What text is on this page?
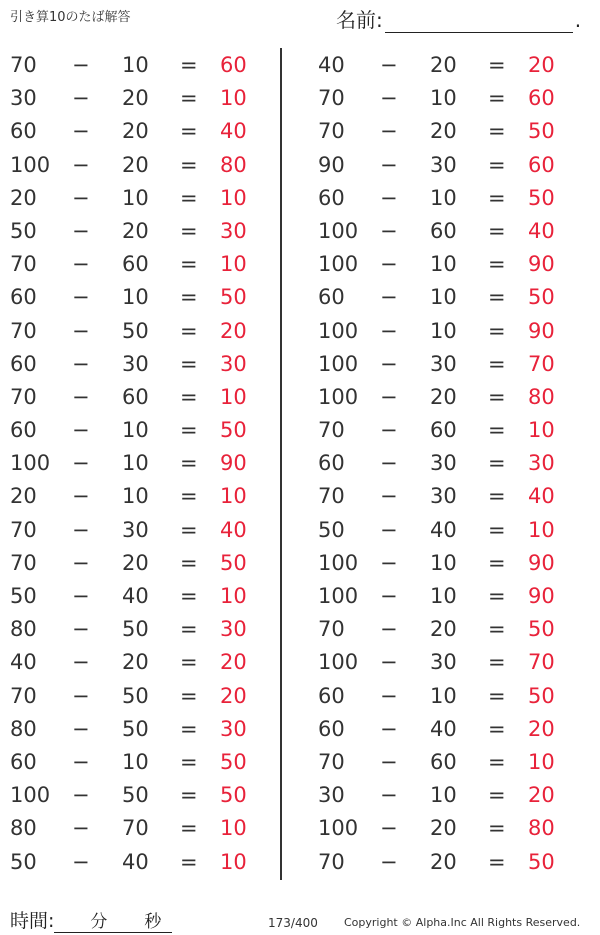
引き算10のたば解答	名前:	.
70 − 10 = 60
30 − 20 = 10
60 − 20 = 40
100 − 20 = 80
20 − 10 = 10
50 − 20 = 30
70 − 60 = 10
60 − 10 = 50
70 − 50 = 20
60 − 30 = 30
70 − 60 = 10
60 − 10 = 50
100 − 10 = 90
20 − 10 = 10
70 − 30 = 40
70 − 20 = 50
50 − 40 = 10
80 − 50 = 30
40 − 20 = 20
70 − 50 = 20
80 − 50 = 30
60 − 10 = 50
100 − 50 = 50
80 − 70 = 10
50 − 40 = 10
40 − 20 = 20
70 − 10 = 60
70 − 20 = 50
90 − 30 = 60
60 − 10 = 50
100 − 60 = 40
100 − 10 = 90
60 − 10 = 50
100 − 10 = 90
100 − 30 = 70
100 − 20 = 80
70 − 60 = 10
60 − 30 = 30
70 − 30 = 40
50 − 40 = 10
100 − 10 = 90
100 − 10 = 90
70 − 20 = 50
100 − 30 = 70
60 − 10 = 50
60 − 40 = 20
70 − 60 = 10
30 − 10 = 20
100 − 20 = 80
70 − 20 = 50
時間: 分 秒	173/400 Copyright © Alpha.Inc All Rights Reserved.
